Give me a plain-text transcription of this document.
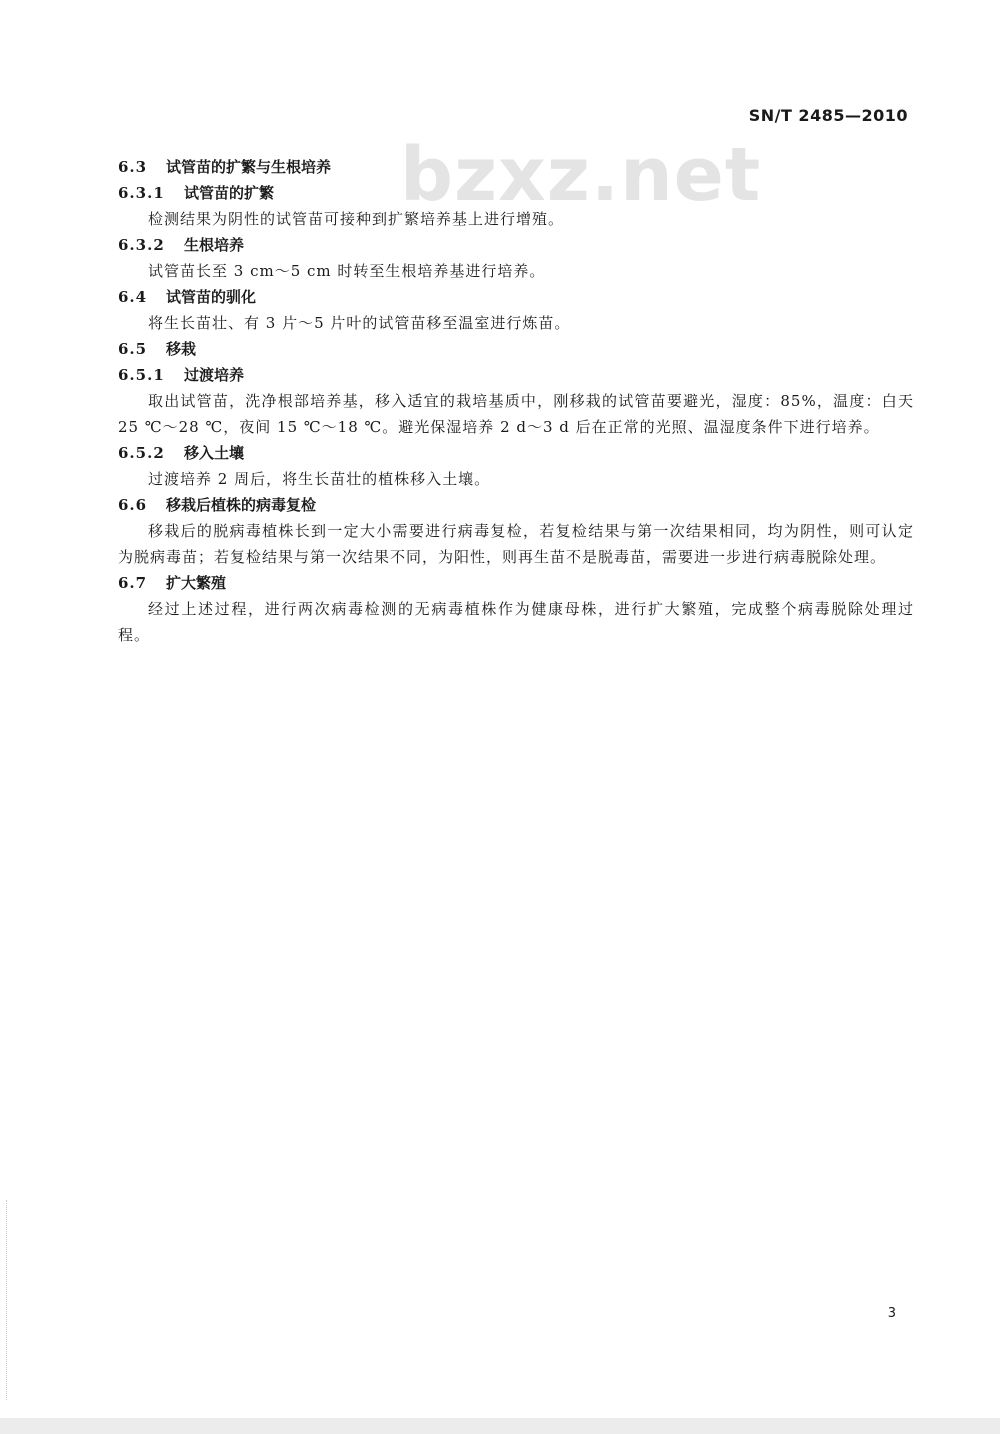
SN/T 2485—2010
bzxz.net
6.3 试管苗的扩繁与生根培养
6.3.1 试管苗的扩繁
检测结果为阴性的试管苗可接种到扩繁培养基上进行增殖。
6.3.2 生根培养
试管苗长至 3 cm～5 cm 时转至生根培养基进行培养。
6.4 试管苗的驯化
将生长苗壮、有 3 片～5 片叶的试管苗移至温室进行炼苗。
6.5 移栽
6.5.1 过渡培养
取出试管苗，洗净根部培养基，移入适宜的栽培基质中，刚移栽的试管苗要避光，湿度：85%，温度：白天 25 ℃～28 ℃，夜间 15 ℃～18 ℃。避光保湿培养 2 d～3 d 后在正常的光照、温湿度条件下进行培养。
6.5.2 移入土壤
过渡培养 2 周后，将生长苗壮的植株移入土壤。
6.6 移栽后植株的病毒复检
移栽后的脱病毒植株长到一定大小需要进行病毒复检，若复检结果与第一次结果相同，均为阴性，则可认定为脱病毒苗；若复检结果与第一次结果不同，为阳性，则再生苗不是脱毒苗，需要进一步进行病毒脱除处理。
6.7 扩大繁殖
经过上述过程，进行两次病毒检测的无病毒植株作为健康母株，进行扩大繁殖，完成整个病毒脱除处理过程。
3
